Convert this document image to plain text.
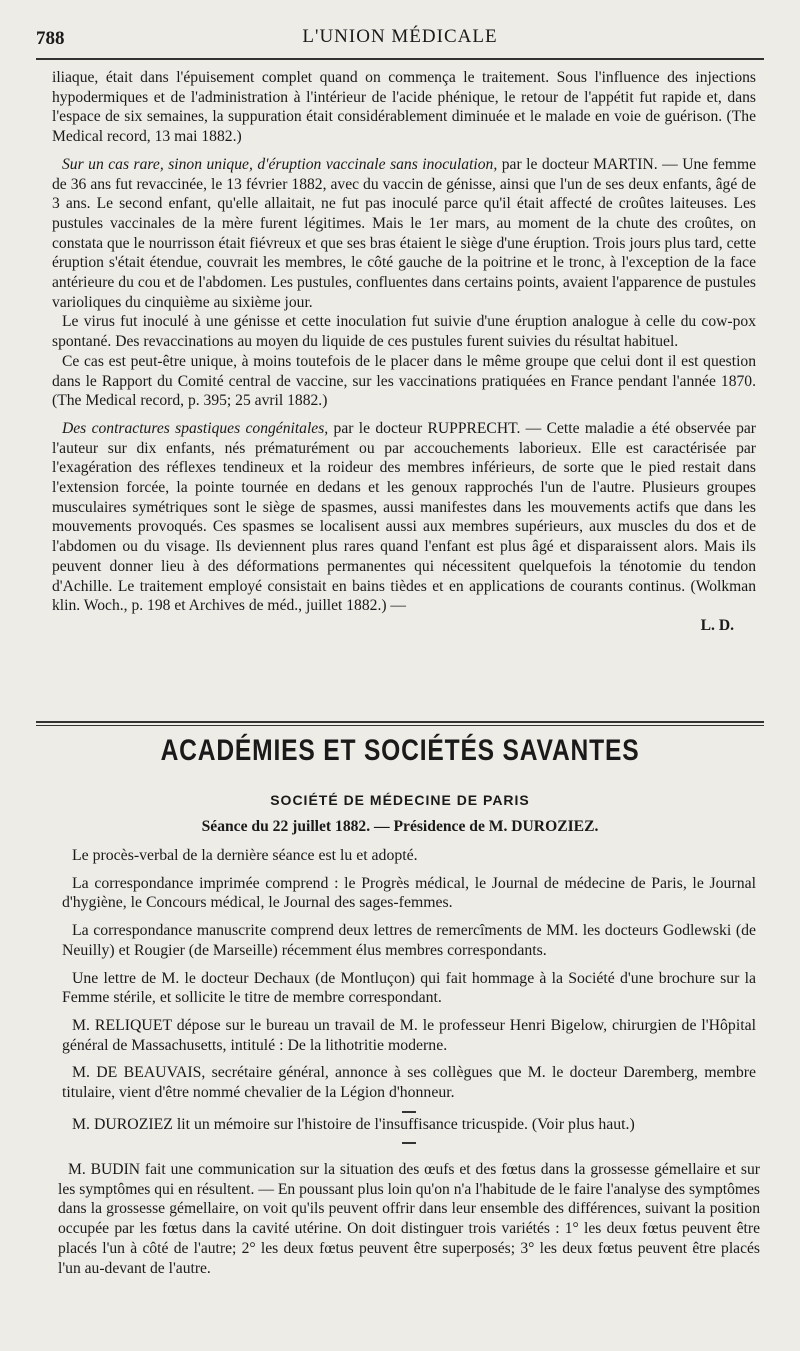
788	L'UNION MÉDICALE

iliaque, était dans l'épuisement complet quand on commença le traitement. Sous l'influence des injections hypodermiques et de l'administration à l'intérieur de l'acide phénique, le retour de l'appétit fut rapide et, dans l'espace de six semaines, la suppuration était considérablement diminuée et le malade en voie de guérison. (The Medical record, 13 mai 1882.)

Sur un cas rare, sinon unique, d'éruption vaccinale sans inoculation, par le docteur MARTIN. — Une femme de 36 ans fut revaccinée, le 13 février 1882, avec du vaccin de génisse, ainsi que l'un de ses deux enfants, âgé de 3 ans. Le second enfant, qu'elle allaitait, ne fut pas inoculé parce qu'il était affecté de croûtes laiteuses. Les pustules vaccinales de la mère furent légitimes. Mais le 1er mars, au moment de la chute des croûtes, on constata que le nourrisson était fiévreux et que ses bras étaient le siège d'une éruption. Trois jours plus tard, cette éruption s'était étendue, couvrait les membres, le côté gauche de la poitrine et le tronc, à l'exception de la face antérieure du cou et de l'abdomen. Les pustules, confluentes dans certains points, avaient l'apparence de pustules varioliques du cinquième au sixième jour.

Le virus fut inoculé à une génisse et cette inoculation fut suivie d'une éruption analogue à celle du cow-pox spontané. Des revaccinations au moyen du liquide de ces pustules furent suivies du résultat habituel.

Ce cas est peut-être unique, à moins toutefois de le placer dans le même groupe que celui dont il est question dans le Rapport du Comité central de vaccine, sur les vaccinations pratiquées en France pendant l'année 1870. (The Medical record, p. 395; 25 avril 1882.)

Des contractures spastiques congénitales, par le docteur RUPPRECHT. — Cette maladie a été observée par l'auteur sur dix enfants, nés prématurément ou par accouchements laborieux. Elle est caractérisée par l'exagération des réflexes tendineux et la roideur des membres inférieurs, de sorte que le pied restait dans l'extension forcée, la pointe tournée en dedans et les genoux rapprochés l'un de l'autre. Plusieurs groupes musculaires symétriques sont le siège de spasmes, aussi manifestes dans les mouvements actifs que dans les mouvements provoqués. Ces spasmes se localisent aussi aux membres supérieurs, aux muscles du dos et de l'abdomen ou du visage. Ils deviennent plus rares quand l'enfant est plus âgé et disparaissent alors. Mais ils peuvent donner lieu à des déformations permanentes qui nécessitent quelquefois la ténotomie du tendon d'Achille. Le traitement employé consistait en bains tièdes et en applications de courants continus. (Wolkman klin. Woch., p. 198 et Archives de méd., juillet 1882.) —

L. D.

ACADÉMIES ET SOCIÉTÉS SAVANTES
SOCIÉTÉ DE MÉDECINE DE PARIS
Séance du 22 juillet 1882. — Présidence de M. DUROZIEZ.

Le procès-verbal de la dernière séance est lu et adopté.

La correspondance imprimée comprend : le Progrès médical, le Journal de médecine de Paris, le Journal d'hygiène, le Concours médical, le Journal des sages-femmes.

La correspondance manuscrite comprend deux lettres de remercîments de MM. les docteurs Godlewski (de Neuilly) et Rougier (de Marseille) récemment élus membres correspondants.

Une lettre de M. le docteur Dechaux (de Montluçon) qui fait hommage à la Société d'une brochure sur la Femme stérile, et sollicite le titre de membre correspondant.

M. RELIQUET dépose sur le bureau un travail de M. le professeur Henri Bigelow, chirurgien de l'Hôpital général de Massachusetts, intitulé : De la lithotritie moderne.

M. DE BEAUVAIS, secrétaire général, annonce à ses collègues que M. le docteur Daremberg, membre titulaire, vient d'être nommé chevalier de la Légion d'honneur.

M. DUROZIEZ lit un mémoire sur l'histoire de l'insuffisance tricuspide. (Voir plus haut.)

M. BUDIN fait une communication sur la situation des œufs et des fœtus dans la grossesse gémellaire et sur les symptômes qui en résultent. — En poussant plus loin qu'on n'a l'habitude de le faire l'analyse des symptômes dans la grossesse gémellaire, on voit qu'ils peuvent offrir dans leur ensemble des différences, suivant la position occupée par les fœtus dans la cavité utérine. On doit distinguer trois variétés : 1° les deux fœtus peuvent être placés l'un à côté de l'autre; 2° les deux fœtus peuvent être superposés; 3° les deux fœtus peuvent être placés l'un au-devant de l'autre.
